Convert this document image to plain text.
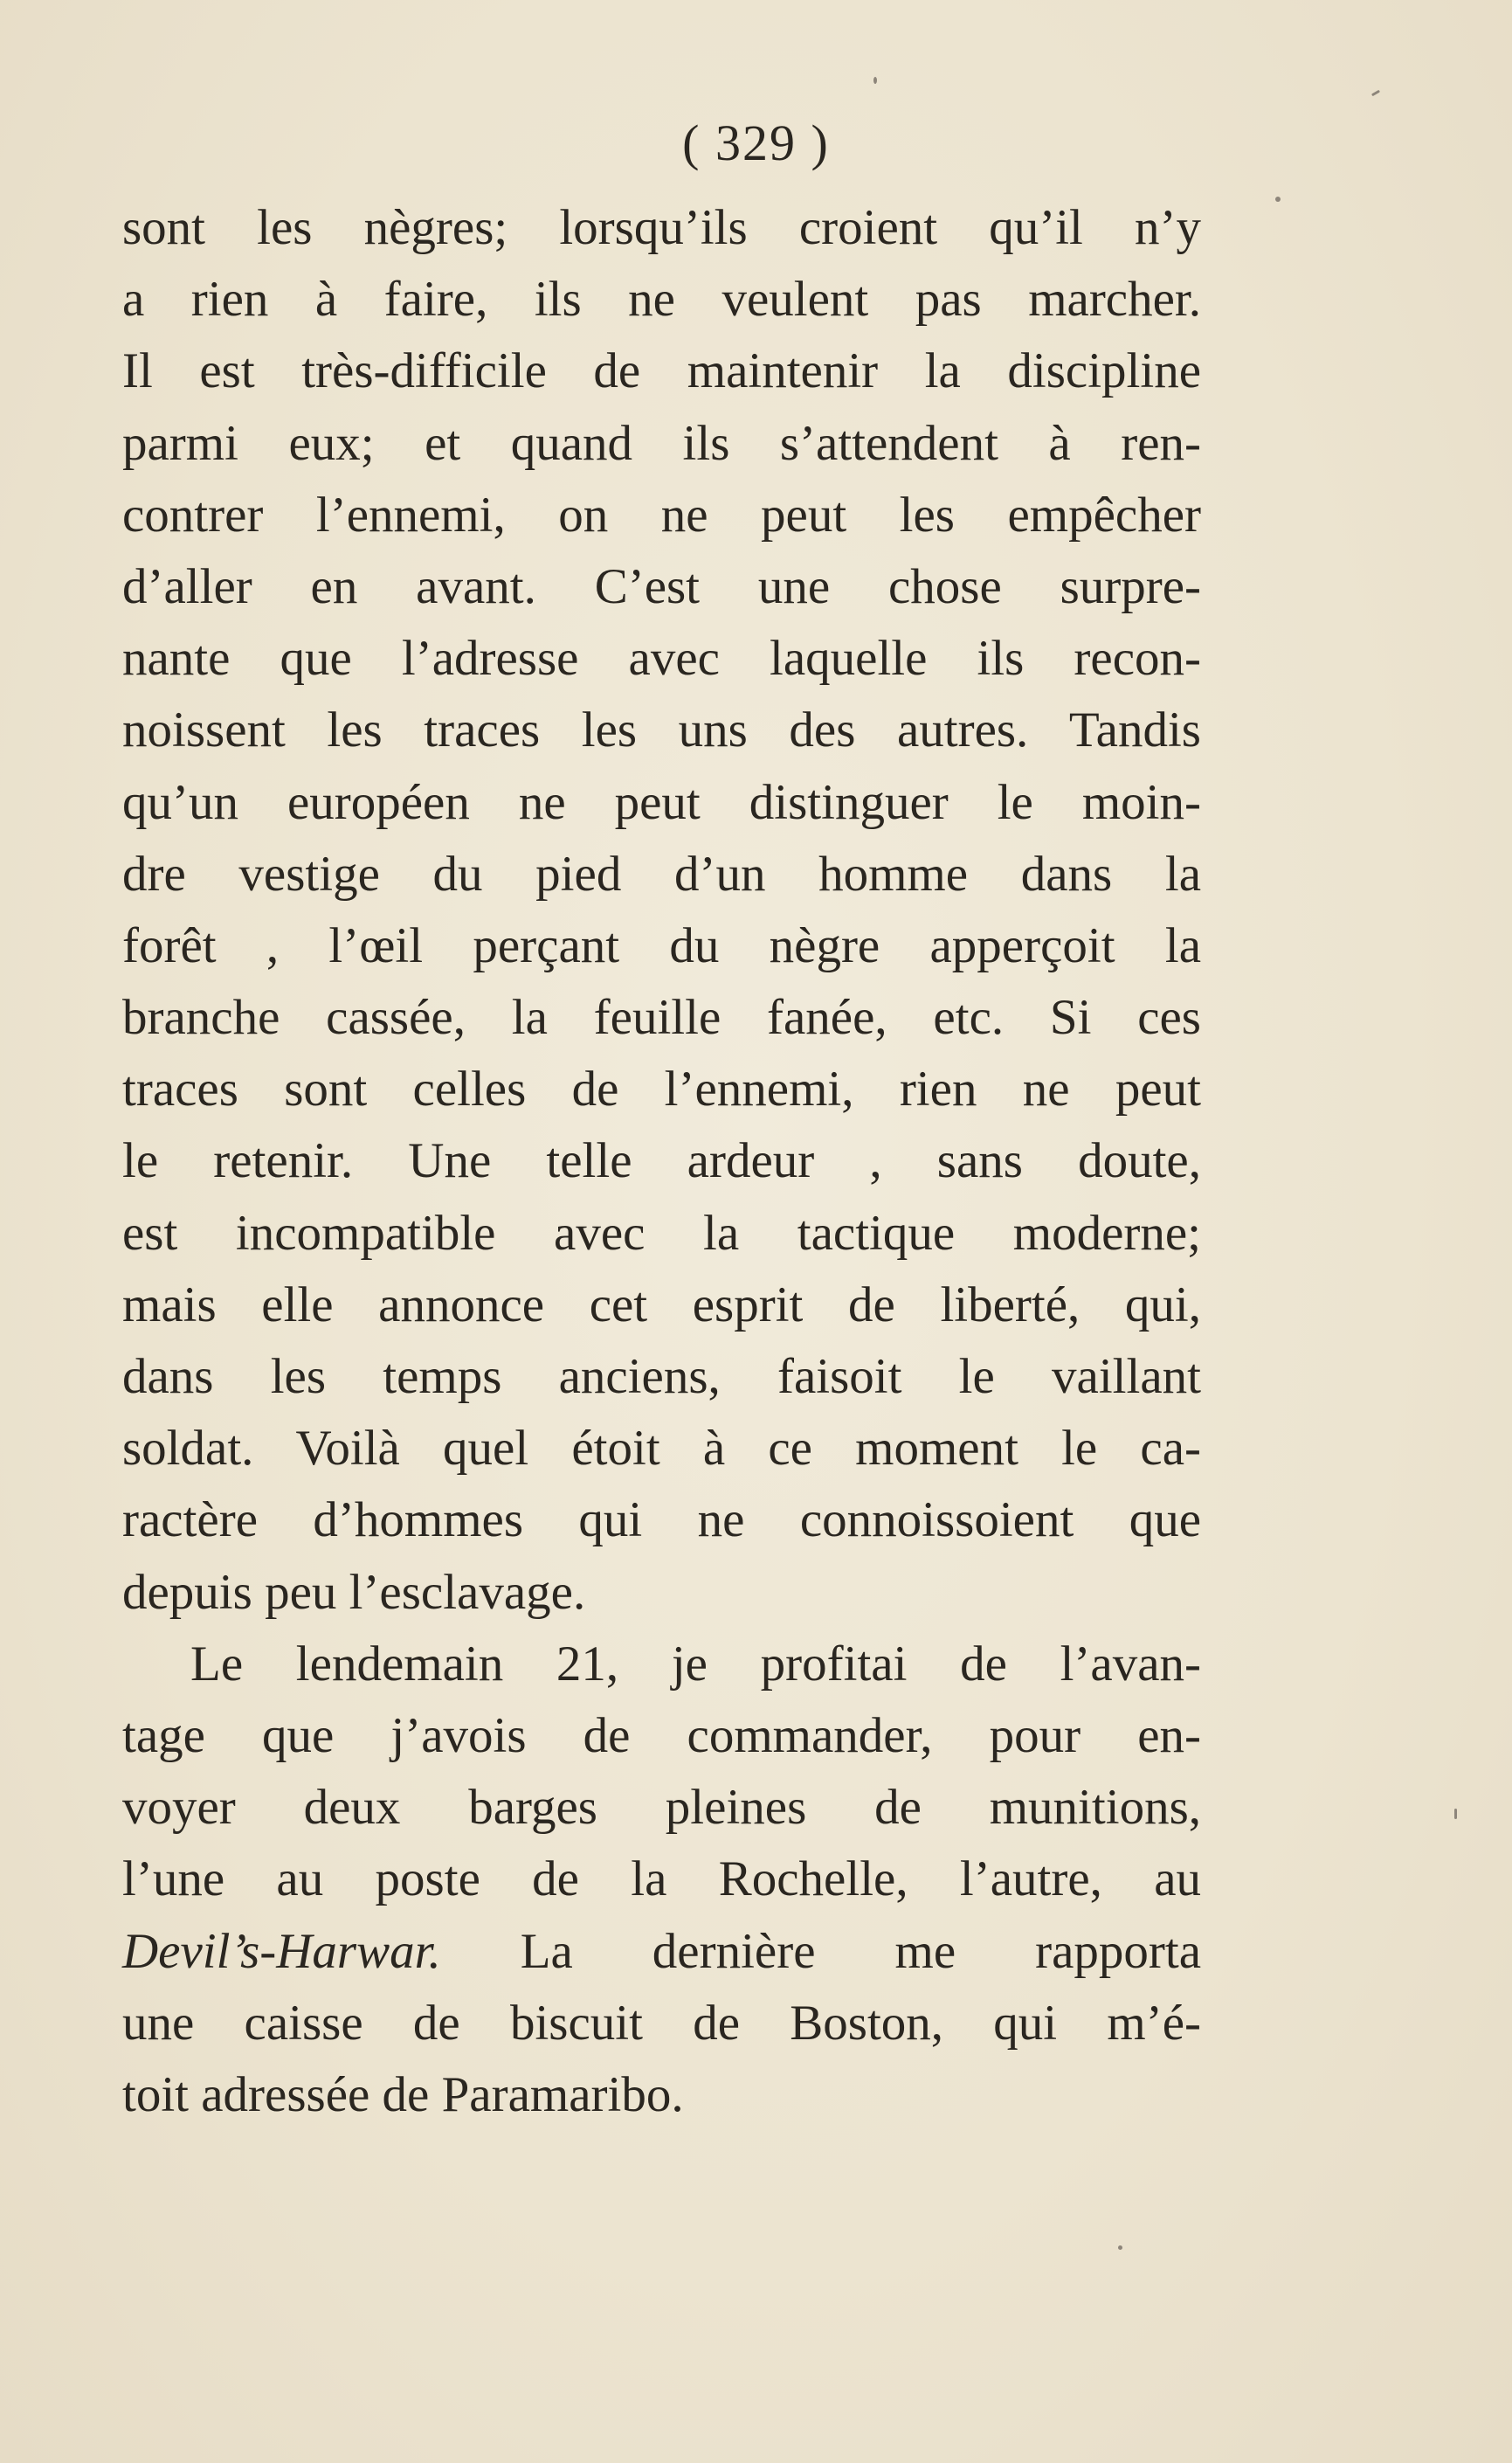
( 329 )
sont les nègres; lorsqu’ils croient qu’il n’y
a rien à faire, ils ne veulent pas marcher.
Il est très-difficile de maintenir la discipline
parmi eux; et quand ils s’attendent à ren-
contrer l’ennemi, on ne peut les empêcher
d’aller en avant. C’est une chose surpre-
nante que l’adresse avec laquelle ils recon-
noissent les traces les uns des autres. Tandis
qu’un européen ne peut distinguer le moin-
dre vestige du pied d’un homme dans la
forêt , l’œil perçant du nègre apperçoit la
branche cassée, la feuille fanée, etc. Si ces
traces sont celles de l’ennemi, rien ne peut
le retenir. Une telle ardeur , sans doute,
est incompatible avec la tactique moderne;
mais elle annonce cet esprit de liberté, qui,
dans les temps anciens, faisoit le vaillant
soldat. Voilà quel étoit à ce moment le ca-
ractère d’hommes qui ne connoissoient que
depuis peu l’esclavage.
Le lendemain 21, je profitai de l’avan-
tage que j’avois de commander, pour en-
voyer deux barges pleines de munitions,
l’une au poste de la Rochelle, l’autre, au
Devil’s-Harwar. La dernière me rapporta
une caisse de biscuit de Boston, qui m’é-
toit adressée de Paramaribo.
